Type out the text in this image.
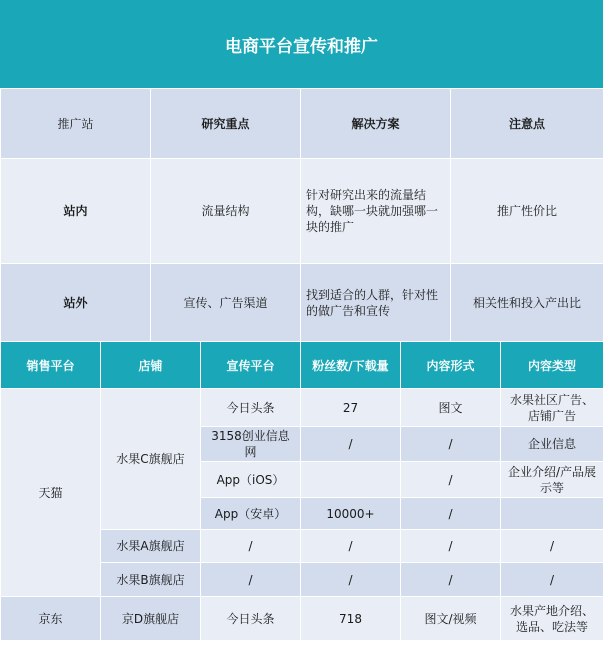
电商平台宣传和推广
推广站	研究重点	解决方案	注意点
站内	流量结构	针对研究出来的流量结构，缺哪一块就加强哪一块的推广	推广性价比
站外	宣传、广告渠道	找到适合的人群，针对性的做广告和宣传	相关性和投入产出比
销售平台	店铺	宣传平台	粉丝数/下载量	内容形式	内容类型
天猫	水果C旗舰店	今日头条	27	图文	水果社区广告、店铺广告
		3158创业信息网	/	/	企业信息
		App（iOS）		/	企业介绍/产品展示等
		App（安卓）	10000+	/	
	水果A旗舰店	/	/	/	/
	水果B旗舰店	/	/	/	/
京东	京D旗舰店	今日头条	718	图文/视频	水果产地介绍、选品、吃法等
